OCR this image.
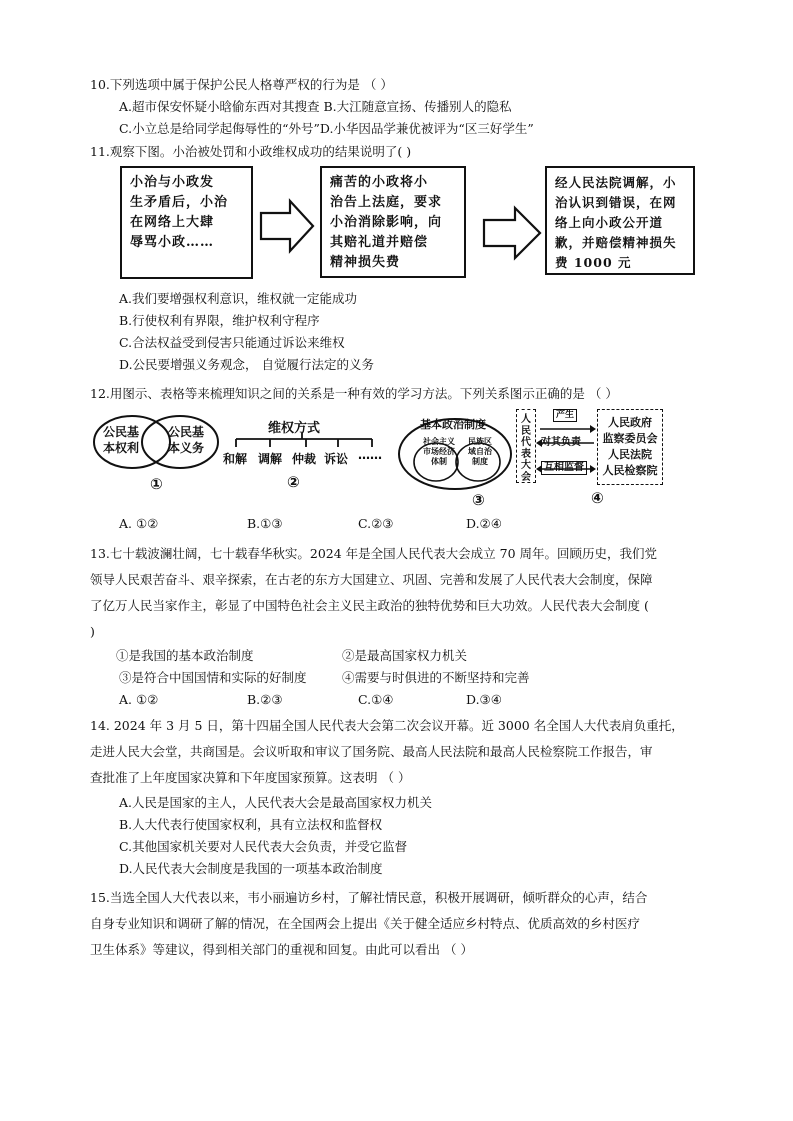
10.下列选项中属于保护公民人格尊严权的行为是 （ ）
A.超市保安怀疑小晗偷东西对其搜查 B.大江随意宣扬、传播别人的隐私
C.小立总是给同学起侮辱性的“外号”D.小华因品学兼优被评为“区三好学生”
11.观察下图。小治被处罚和小政维权成功的结果说明了( )
小治与小政发
生矛盾后，小治
在网络上大肆
辱骂小政……
痛苦的小政将小
治告上法庭，要求
小治消除影响，向
其赔礼道并赔偿
精神损失费
经人民法院调解，小
治认识到错误，在网
络上向小政公开道
歉，并赔偿精神损失
费 1000 元
A.我们要增强权利意识，维权就一定能成功
B.行使权利有界限，维护权利守程序
C.合法权益受到侵害只能通过诉讼来维权
D.公民要增强义务观念， 自觉履行法定的义务
12.用图示、表格等来梳理知识之间的关系是一种有效的学习方法。下列关系图示正确的是 （ ）
公民基
本权利
公民基
本义务
①
维权方式
和解 调解 仲裁 诉讼 ……
②
基本政治制度
社会主义
市场经济
体制
民族区
域自治
制度
③
人
民
代
表
大
会
产生
对其负责
互相监督
人民政府
监察委员会
人民法院
人民检察院
④
A. ①②	B.①③	C.②③	D.②④
13.七十载波澜壮阔，七十载春华秋实。2024 年是全国人民代表大会成立 70 周年。回顾历史，我们党
领导人民艰苦奋斗、艰辛探索，在古老的东方大国建立、巩固、完善和发展了人民代表大会制度，保障
了亿万人民当家作主，彰显了中国特色社会主义民主政治的独特优势和巨大功效。人民代表大会制度 (
)
①是我国的基本政治制度	②是最高国家权力机关
③是符合中国国情和实际的好制度	④需要与时俱进的不断坚持和完善
A. ①②	B.②③	C.①④	D.③④
14. 2024 年 3 月 5 日，第十四届全国人民代表大会第二次会议开幕。近 3000 名全国人大代表肩负重托，
走进人民大会堂，共商国是。会议听取和审议了国务院、最高人民法院和最高人民检察院工作报告，审
查批准了上年度国家决算和下年度国家预算。这表明 （ ）
A.人民是国家的主人，人民代表大会是最高国家权力机关
B.人大代表行使国家权利，具有立法权和监督权
C.其他国家机关要对人民代表大会负责，并受它监督
D.人民代表大会制度是我国的一项基本政治制度
15.当选全国人大代表以来，韦小丽遍访乡村，了解社情民意，积极开展调研，倾听群众的心声，结合
自身专业知识和调研了解的情况，在全国两会上提出《关于健全适应乡村特点、优质高效的乡村医疗
卫生体系》等建议，得到相关部门的重视和回复。由此可以看出 （ ）
